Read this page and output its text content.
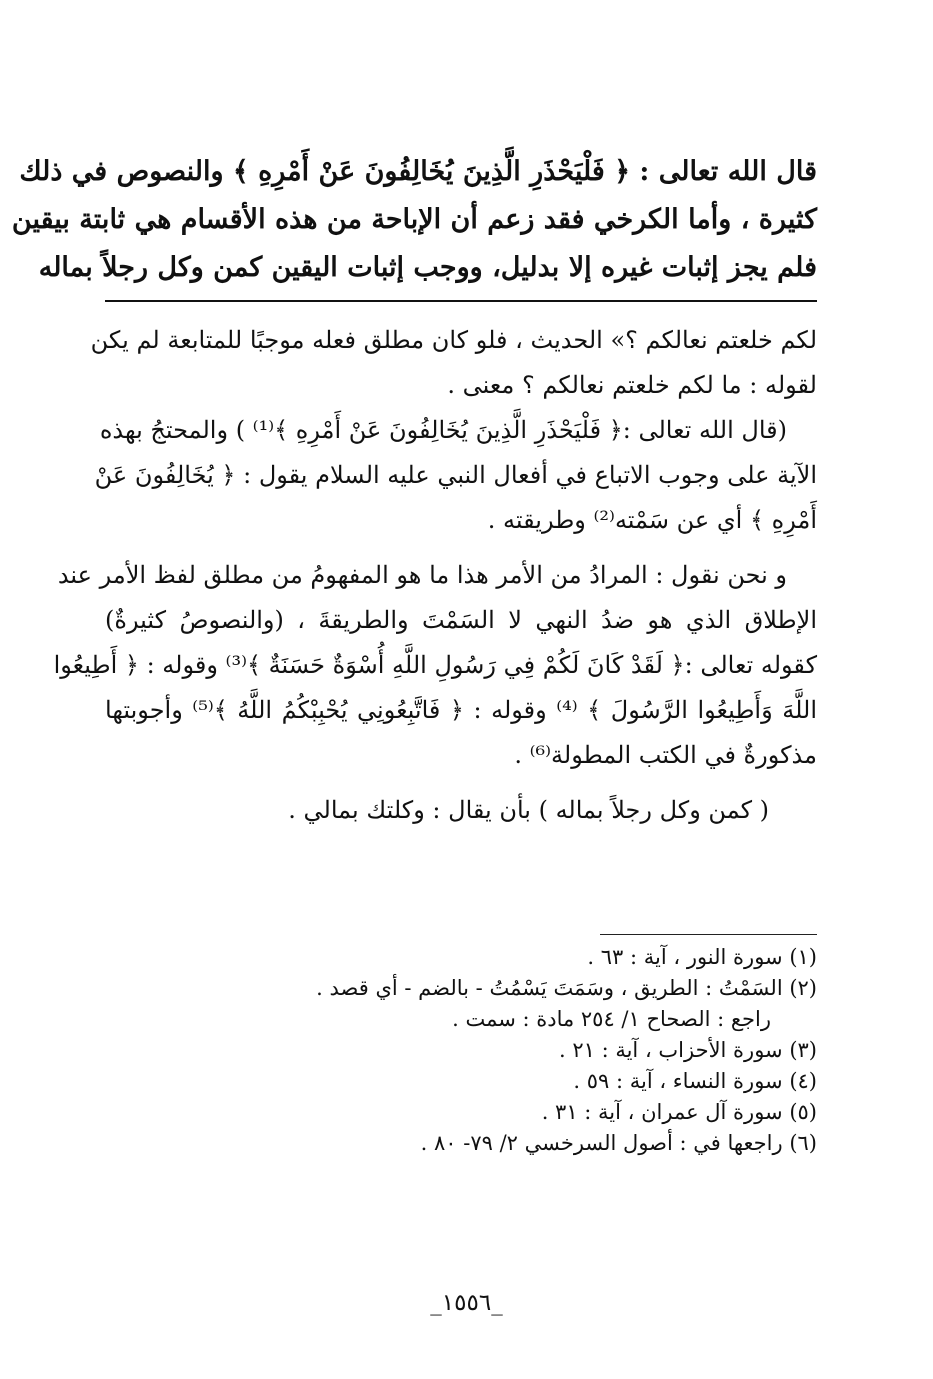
قال الله تعالى : ﴿ فَلْيَحْذَرِ الَّذِينَ يُخَالِفُونَ عَنْ أَمْرِهِ ﴾ والنصوص في ذلك
كثيرة ، وأما الكرخي فقد زعم أن الإباحة من هذه الأقسام هي ثابتة بيقين
فلم يجز إثبات غيره إلا بدليل، ووجب إثبات اليقين كمن وكل رجلاً بماله

لكم خلعتم نعالكم ؟» الحديث ، فلو كان مطلق فعله موجبًا للمتابعة لم يكن
لقوله : ما لكم خلعتم نعالكم ؟ معنى .

(قال الله تعالى :﴿ فَلْيَحْذَرِ الَّذِينَ يُخَالِفُونَ عَنْ أَمْرِهِ ﴾⁽¹⁾ ) والمحتجُ بهذه
الآية على وجوب الاتباع في أفعال النبي عليه السلام يقول : ﴿ يُخَالِفُونَ عَنْ
أَمْرِهِ ﴾ أي عن سَمْته⁽²⁾ وطريقته .

و نحن نقول : المرادُ من الأمر هذا ما هو المفهومُ من مطلق لفظ الأمر عند
الإطلاق الذي هو ضدُ النهي لا السَمْتَ والطريقةَ ، (والنصوصُ كثيرةٌ)
كقوله تعالى :﴿ لَقَدْ كَانَ لَكُمْ فِي رَسُولِ اللَّهِ أُسْوَةٌ حَسَنَةٌ ﴾⁽³⁾ وقوله : ﴿ أَطِيعُوا
اللَّهَ وَأَطِيعُوا الرَّسُولَ ﴾ ⁽⁴⁾ وقوله : ﴿ فَاتَّبِعُونِي يُحْبِبْكُمُ اللَّهُ ﴾⁽⁵⁾ وأجوبتها
مذكورةٌ في الكتب المطولة⁽⁶⁾ .

( كمن وكل رجلاً بماله ) بأن يقال : وكلتك بمالي .

(١) سورة النور ، آية : ٦٣ .
(٢) السَمْتُ : الطريق ، وسَمَتَ يَسْمُتُ - بالضم - أي قصد .
راجع : الصحاح ١/ ٢٥٤ مادة : سمت .
(٣) سورة الأحزاب ، آية : ٢١ .
(٤) سورة النساء ، آية : ٥٩ .
(٥) سورة آل عمران ، آية : ٣١ .
(٦) راجعها في : أصول السرخسي ٢/ ٧٩- ٨٠ .
_١٥٥٦_
